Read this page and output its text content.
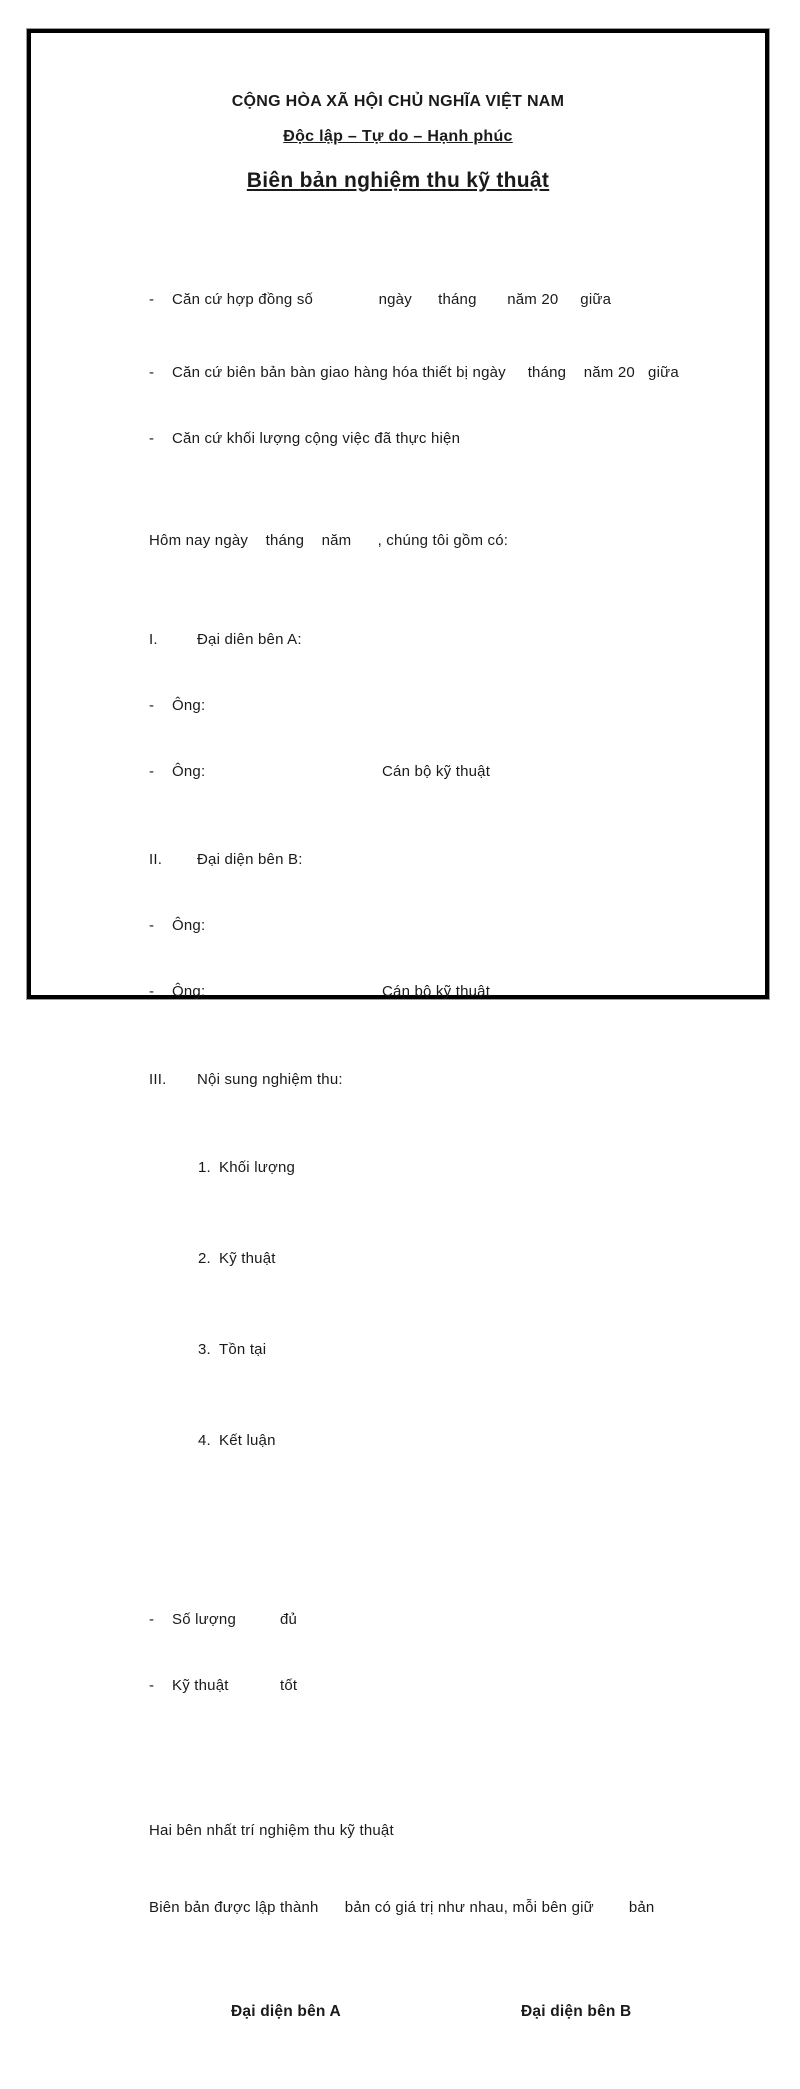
CỘNG HÒA XÃ HỘI CHỦ NGHĨA VIỆT NAM
Độc lập – Tự do – Hạnh phúc
Biên bản nghiệm thu kỹ thuật

-	Căn cứ hợp đồng số               ngày      tháng       năm 20     giữa

-	Căn cứ biên bản bàn giao hàng hóa thiết bị ngày     tháng    năm 20   giữa

-	Căn cứ khối lượng cộng việc đã thực hiện

Hôm nay ngày    tháng    năm      , chúng tôi gồm có:

I.	Đại diên bên A:

-	Ông:

-	Ông:	Cán bộ kỹ thuật

II.	Đại diện bên B:

-	Ông:

-	Ông:	Cán bộ kỹ thuật

III.	Nội sung nghiệm thu:

1. Khối lượng

2. Kỹ thuật

3. Tồn tại

4. Kết luận

-	Số lượng	đủ

-	Kỹ thuật	tốt

Hai bên nhất trí nghiệm thu kỹ thuật

Biên bản được lập thành      bản có giá trị như nhau, mỗi bên giữ        bản

Đại diện bên A

	Đại diện bên B
